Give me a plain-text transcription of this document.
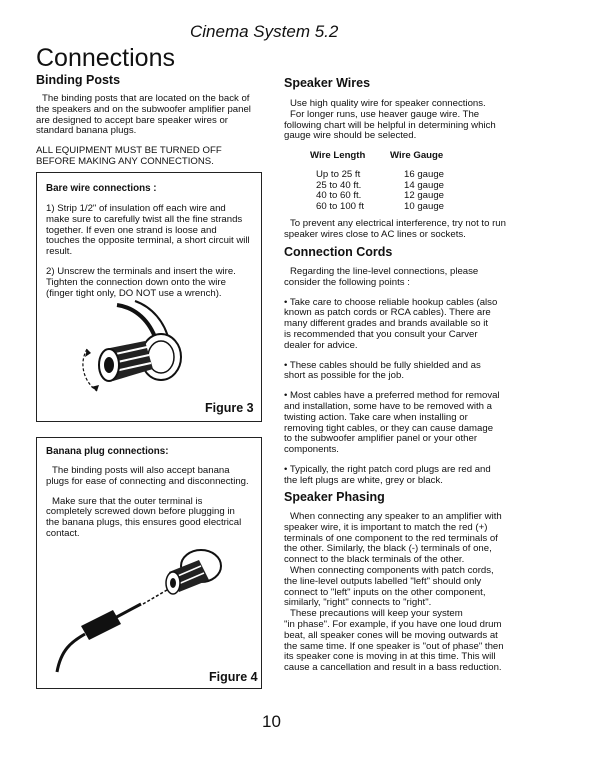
Cinema System 5.2
Connections
Binding Posts

The binding posts that are located on the back of

the speakers and on the subwoofer amplifier panel

are designed to accept bare speaker wires or

standard banana plugs.

ALL EQUIPMENT MUST BE TURNED OFF

BEFORE MAKING ANY CONNECTIONS.

Bare wire connections :

1) Strip 1/2" of insulation off each wire and

make sure to carefully twist all the fine strands

together. If even one strand is loose and

touches the opposite terminal, a short circuit will

result.

2) Unscrew the terminals and insert the wire.

Tighten the connection down onto the wire

(finger tight only, DO NOT use a wrench).

Figure 3
Banana plug connections:

The binding posts will also accept banana

plugs for ease of connecting and disconnecting.

Make sure that the outer terminal is

completely screwed down before plugging in

the banana plugs, this ensures good electrical

contact.

Figure 4
Speaker Wires

Use high quality wire for speaker connections.

For longer runs, use heaver gauge wire. The

following chart will be helpful in determining which

gauge wire should be selected.

Wire Length	Wire Gauge
Up to 25 ft	16 gauge
25 to 40 ft.	14 gauge
40 to 60 ft.	12 gauge
60 to 100 ft	10 gauge

To prevent any electrical interference, try not to run

speaker wires close to AC lines or sockets.

Connection Cords

Regarding the line-level connections, please

consider the following points :

• Take care to choose reliable hookup cables (also

known as patch cords or RCA cables). There are

many different grades and brands available so it

is recommended that you consult your Carver

dealer for advice.

• These cables should be fully shielded and as

short as possible for the job.

• Most cables have a preferred method for removal

and installation, some have to be removed with a

twisting action. Take care when installing or

removing tight cables, or they can cause damage

to the subwoofer amplifier panel or your other

components.

• Typically, the right patch cord plugs are red and

the left plugs are white, grey or black.

Speaker Phasing

When connecting any speaker to an amplifier with

speaker wire, it is important to match the red (+)

terminals of one component to the red terminals of

the other. Similarly, the black (-) terminals of one,

connect to the black terminals of the other.

When connecting components with patch cords,

the line-level outputs labelled "left" should only

connect to "left" inputs on the other component,

similarly, "right" connects to "right".

These precautions will keep your system

"in phase". For example, if you have one loud drum

beat, all speaker cones will be moving outwards at

the same time. If one speaker is "out of phase" then

its speaker cone is moving in at this time. This will

cause a cancellation and result in a bass reduction.

10
